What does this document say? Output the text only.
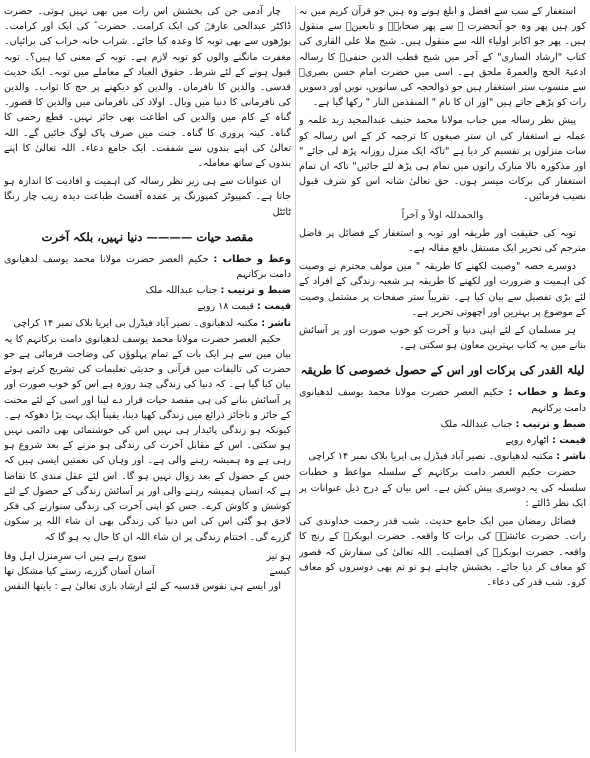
استغفار کے سب سے افضل و ابلغ ہونے وہ ہیں جو قرآن کریم میں نہ کور ہیں پھر وہ جو آنحضرت ﷺ سے پھر صحابہؓ و تابعینؒ سے منقول ہیں۔ پھر جو اکابر اولیاء اللہ سے منقول ہیں۔ شیخ ملا علی القاری کی کتاب "ارشاد الساری" کے آخر میں شیخ قطب الدین حنفیؒ کا رسالہ ادعیۃ الحج والعمرۃ ملحق ہے۔ اسی میں حضرت امام حسن بصریؒ سے منسوب ستر استغفار ہیں جو ذوالحجہ کی ساتویں، نویں اور دسویں رات کو پڑھے جاتے ہیں "اور ان کا نام " المنقذمن النار " رکھا گیا ہے۔

پیش نظر رسالہ میں جناب مولانا محمد حنیف عبدالمجید زید علمہ و عملہ نے استغفار کی ان ستر صیغوں کا ترجمہ کر کے اس رسالہ کو سات منزلوں پر تقسیم کر دیا ہے "تاکہ ایک منزل روزانہ پڑھ لی جائے " اور مذکورہ بالا مبارک راتوں میں تمام ہی پڑھ لئے جائیں" تاکہ ان تمام استغفار کی برکات میسر ہوں۔ حق تعالیٰ شانہ اس کو شرف قبول نصیب فرمائیں۔

والحمدللہ اولاً و آخراً

توبہ کی حقیقت اور طریقہ اور توبہ و استغفار کے فضائل پر فاضل مترجم کی تحریر ایک مستقل نافع مقالہ ہے۔

دوسرے حصہ "وصیت لکھنے کا طریقہ " میں مولف محترم نے وصیت کی اہمیت و ضرورت اور لکھنے کا طریقہ ہر شعبہ زندگی کے افراد کے لئے بڑی تفصیل سے بیان کیا ہے۔ تقریباً ستر صفحات پر مشتمل وصیت کے موضوع پر بہترین اور اچھوتی تحریر ہے۔

ہر مسلمان کے لئے اپنی دنیا و آخرت کو خوب صورت اور پر آسائش بنانے میں یہ کتاب بہترین معاون ہو سکتی ہے۔

لیلۃ القدر کی برکات اور اس کے حصول خصوصی کا طریقہ

وعظ و خطاب : حکیم العصر حضرت مولانا محمد یوسف لدھیانوی دامت برکاتہم

ضبط و ترتیب : جناب عبداللہ ملک

قیمت : اٹھارہ روپے

ناشر : مکتبہ لدھیانوی۔ نصیر آباد فیڈرل بی ایریا بلاک نمبر ۱۴ کراچی

حضرت حکیم العصر دامت برکاتہم کے سلسلہ مواعظ و خطبات سلسلہ کی یہ دوسری پیش کش ہے۔ اس بیان کے درج ذیل عنوانات پر ایک نظر ڈالئے :

فضائل رمضان میں ایک جامع حدیث۔ شب قدر رحمت خداوندی کی رات۔ حضرت عائشہؓ کی برات کا واقعہ۔ حضرت ابوبکرؓ کے رنج کا واقعہ۔ حضرت ابوبکرؓ کی افضلیت۔ اللہ تعالیٰ کی سفارش کہ قصور کو معاف کر دیا جائے۔ بخشش چاہتے ہو تو تم بھی دوسروں کو معاف کرو۔ شب قدر کی دعاء۔

چار آدمی جن کی بخشش اس رات میں بھی نہیں ہوتی۔ حضرت ڈاکٹر عبدالحی عارفیؒ کی ایک کرامت۔ حضرت ؓ کی ایک اور کرامت۔ بوڑھوں سے بھی توبہ کا وعدہ کیا جائے۔ شراب خانہ خراب کی برائیاں۔ مغفرت مانگنے والوں کو توبہ لازم ہے۔ توبہ کے معنی کیا ہیں؟۔ توبہ قبول ہونے کے لئے شرط۔ حقوق العباد کے معاملے میں توبہ۔ ایک حدیث قدسی۔ والدین کا نافرمان۔ والدین کو دیکھنے پر حج کا ثواب۔ والدین کی نافرمانی کا دنیا میں وبال۔ اولاد کی نافرمانی میں والدین کا قصور۔ گناہ کے کام میں والدین کی اطاعت بھی جائز نہیں۔ قطع رحمی کا گناہ۔ کینہ پروری کا گناہ۔ جنت میں صرف پاک لوگ جائیں گے۔ اللہ تعالیٰ کی اپنے بندوں سے شفقت۔ ایک جامع دعاء۔ اللہ تعالیٰ کا اپنے بندوں کے ساتھ معاملہ۔

ان عنوانات سے ہی زیر نظر رسالہ کی اہمیت و افادیت کا اندازہ ہو جاتا ہے۔ کمپیوٹر کمپوزنگ پر عمدہ آفسٹ طباعت دیدہ زیب چار رنگا ٹائٹل

مقصد حیات ———— دنیا نہیں، بلکہ آخرت

وعظ و خطاب : حکیم العصر حضرت مولانا محمد یوسف لدھیانوی دامت برکاتہم

ضبط و ترتیب : جناب عبداللہ ملک

قیمت : قیمت ۱۸ روپے

ناشر : مکتبہ لدھیانوی۔ نصیر آباد فیڈرل بی ایریا بلاک نمبر ۱۴ کراچی

حکیم العصر حضرت مولانا محمد یوسف لدھیانوی دامت برکاتہم کا یہ بیان میں سے ہر ایک بات کے تمام پہلوؤں کی وضاحت فرمائی ہے جو حضرت کی تالیفات میں قرآنی و حدیثی تعلیمات کی تشریح کرتے ہوئے بیان کیا گیا ہے۔ کہ دنیا کی زندگی چند روزہ ہے اس کو خوب صورت اور پر آسائش بنانے کی ہی مقصد حیات قرار دے لینا اور اسی کے لئے محنت کے جائز و ناجائز ذرائع میں زندگی کھپا دینا، یقیناً ایک بہت بڑا دھوکہ ہے۔ کیونکہ ہو زندگی پائیدار ہی نہیں اس کی خوشنمائی بھی دائمی نہیں ہو سکتی۔ اس کے مقابل آخرت کی زندگی ہو مرنے کے بعد شروع ہو رہی ہے وہ ہمیشہ رہنے والی ہے۔ اور وہاں کی نعمتیں ایسی ہیں کہ جس کے حصول کے بعد زوال نہیں ہو گا۔ اس لئے عقل مندی کا تقاضا ہے کہ انسان ہمیشہ رہنے والی اور پر آسائش زندگی کے حصول کے لئے کوشش و کاوش کرے۔ جس کو اپنی آخرت کی زندگی سنوارنے کی فکر لاحق ہو گئی اس کی اس دنیا کی زندگی بھی ان شاء اللہ پر سکون گزرے گی۔ اختتام زندگی پر ان شاء اللہ ان کا حال یہ ہو گا کہ

ہو تیر
سوچ رہے ہیں اب سرِمنزل اہل وفا
کیسے
آسان آسان گزرے، رستے کیا مشکل تھا

اور ایسے ہی نفوس قدسیہ کے لئے ارشاد باری تعالیٰ ہے : یایتھا النفس
